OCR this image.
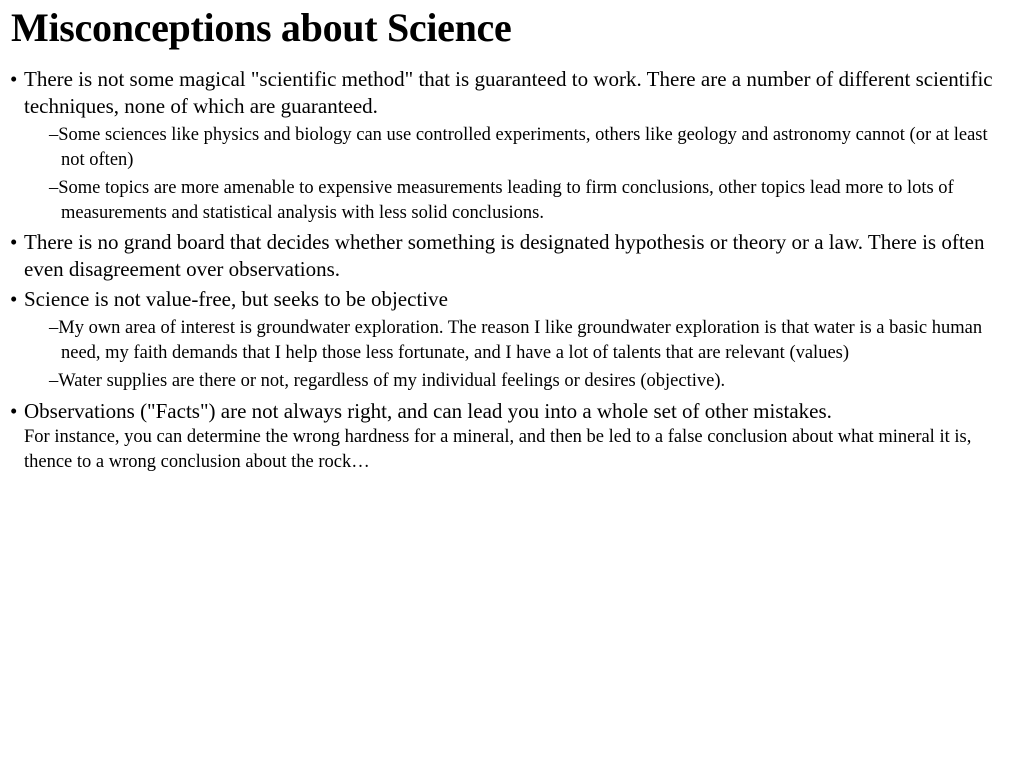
Misconceptions about Science
• There is not some magical "scientific method" that is guaranteed to work. There are a number of different scientific techniques, none of which are guaranteed.
–Some sciences like physics and biology can use controlled experiments, others like geology and astronomy cannot (or at least not often)
–Some topics are more amenable to expensive measurements leading to firm conclusions, other topics lead more to lots of measurements and statistical analysis with less solid conclusions.
• There is no grand board that decides whether something is designated hypothesis or theory or a law. There is often even disagreement over observations.
• Science is not value-free, but seeks to be objective
–My own area of interest is groundwater exploration. The reason I like groundwater exploration is that water is a basic human need, my faith demands that I help those less fortunate, and I have a lot of talents that are relevant (values)
–Water supplies are there or not, regardless of my individual feelings or desires (objective).
• Observations ("Facts") are not always right, and can lead you into a whole set of other mistakes.
For instance, you can determine the wrong hardness for a mineral, and then be led to a false conclusion about what mineral it is, thence to a wrong conclusion about the rock…
